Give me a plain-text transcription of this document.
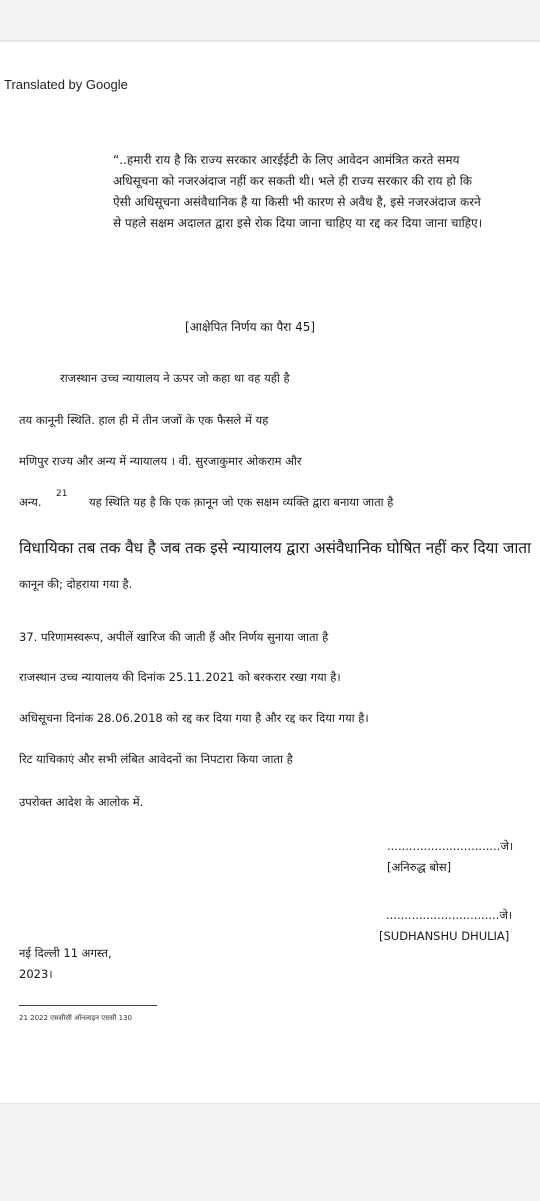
Translated by Google

“..हमारी राय है कि राज्य सरकार आरईईटी के लिए आवेदन आमंत्रित करते समय

अधिसूचना को नजरअंदाज नहीं कर सकती थी। भले ही राज्य सरकार की राय हो कि

ऐसी अधिसूचना असंवैधानिक है या किसी भी कारण से अवैध है, इसे नजरअंदाज करने

से पहले सक्षम अदालत द्वारा इसे रोक दिया जाना चाहिए या रद्द कर दिया जाना चाहिए।

[आक्षेपित निर्णय का पैरा 45]
राजस्थान उच्च न्यायालय ने ऊपर जो कहा था वह यही है
तय कानूनी स्थिति. हाल ही में तीन जजों के एक फैसले में यह
मणिपुर राज्य और अन्य में न्यायालय । वी. सुरजाकुमार ओकराम और
अन्य.
21
यह स्थिति यह है कि एक क़ानून जो एक सक्षम व्यक्ति द्वारा बनाया जाता है
विधायिका तब तक वैध है जब तक इसे न्यायालय द्वारा असंवैधानिक घोषित नहीं कर दिया जाता
कानून की; दोहराया गया है.
37. परिणामस्वरूप, अपीलें खारिज की जाती हैं और निर्णय सुनाया जाता है
राजस्थान उच्च न्यायालय की दिनांक 25.11.2021 को बरकरार रखा गया है।
अधिसूचना दिनांक 28.06.2018 को रद्द कर दिया गया है और रद्द कर दिया गया है।
रिट याचिकाएं और सभी लंबित आवेदनों का निपटारा किया जाता है
उपरोक्त आदेश के आलोक में.
...............................जे।
[अनिरुद्ध बोस]
...............................जे।
[SUDHANSHU DHULIA]
नई दिल्ली 11 अगस्त,
2023।
21 2022 एससीसी ऑनलाइन एससी 130
